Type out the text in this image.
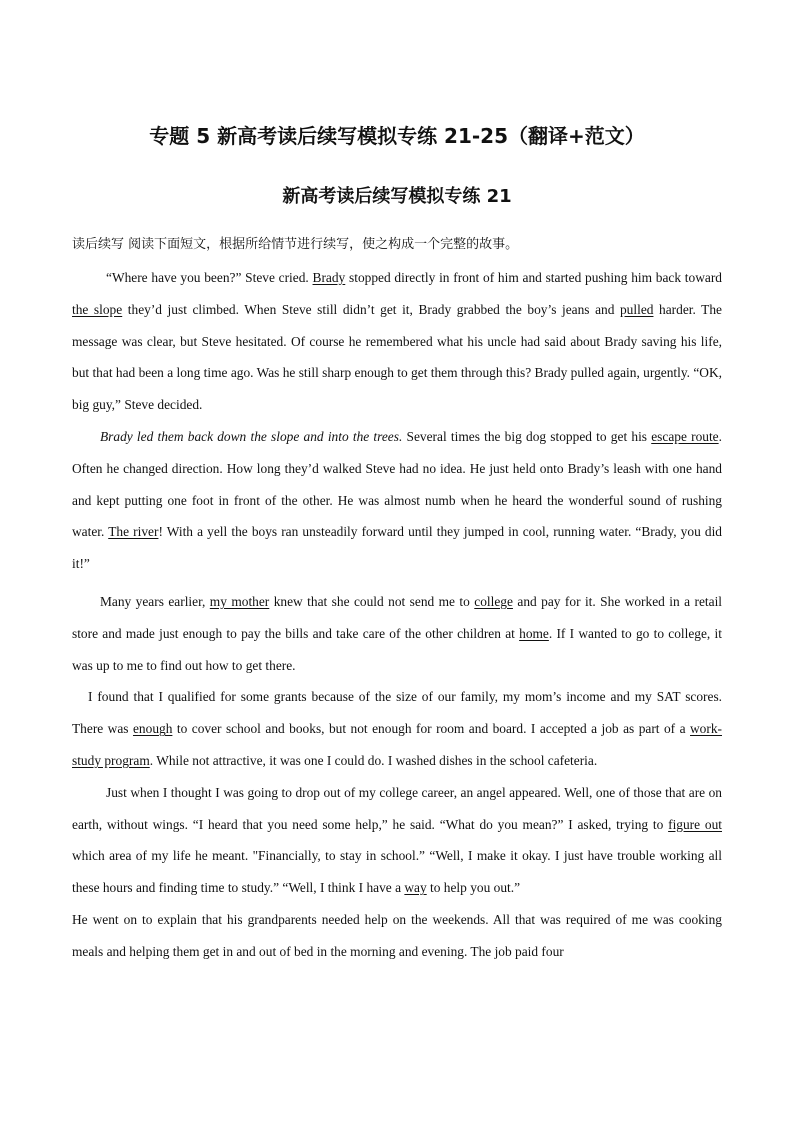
专题 5 新高考读后续写模拟专练 21-25（翻译+范文）
新高考读后续写模拟专练 21
读后续写 阅读下面短文，根据所给情节进行续写，使之构成一个完整的故事。

“Where have you been?” Steve cried. Brady stopped directly in front of him and started pushing him back toward the slope they’d just climbed. When Steve still didn’t get it, Brady grabbed the boy’s jeans and pulled harder. The message was clear, but Steve hesitated. Of course he remembered what his uncle had said about Brady saving his life, but that had been a long time ago. Was he still sharp enough to get them through this? Brady pulled again, urgently. “OK, big guy,” Steve decided.

Brady led them back down the slope and into the trees. Several times the big dog stopped to get his escape route. Often he changed direction. How long they’d walked Steve had no idea. He just held onto Brady’s leash with one hand and kept putting one foot in front of the other. He was almost numb when he heard the wonderful sound of rushing water. The river! With a yell the boys ran unsteadily forward until they jumped in cool, running water. “Brady, you did it!”

Many years earlier, my mother knew that she could not send me to college and pay for it. She worked in a retail store and made just enough to pay the bills and take care of the other children at home. If I wanted to go to college, it was up to me to find out how to get there.

I found that I qualified for some grants because of the size of our family, my mom’s income and my SAT scores. There was enough to cover school and books, but not enough for room and board. I accepted a job as part of a work-study program. While not attractive, it was one I could do. I washed dishes in the school cafeteria.

Just when I thought I was going to drop out of my college career, an angel appeared. Well, one of those that are on earth, without wings. “I heard that you need some help,” he said. “What do you mean?” I asked, trying to figure out which area of my life he meant. "Financially, to stay in school.” “Well, I make it okay. I just have trouble working all these hours and finding time to study.” “Well, I think I have a way to help you out.”

He went on to explain that his grandparents needed help on the weekends. All that was required of me was cooking meals and helping them get in and out of bed in the morning and evening. The job paid four
